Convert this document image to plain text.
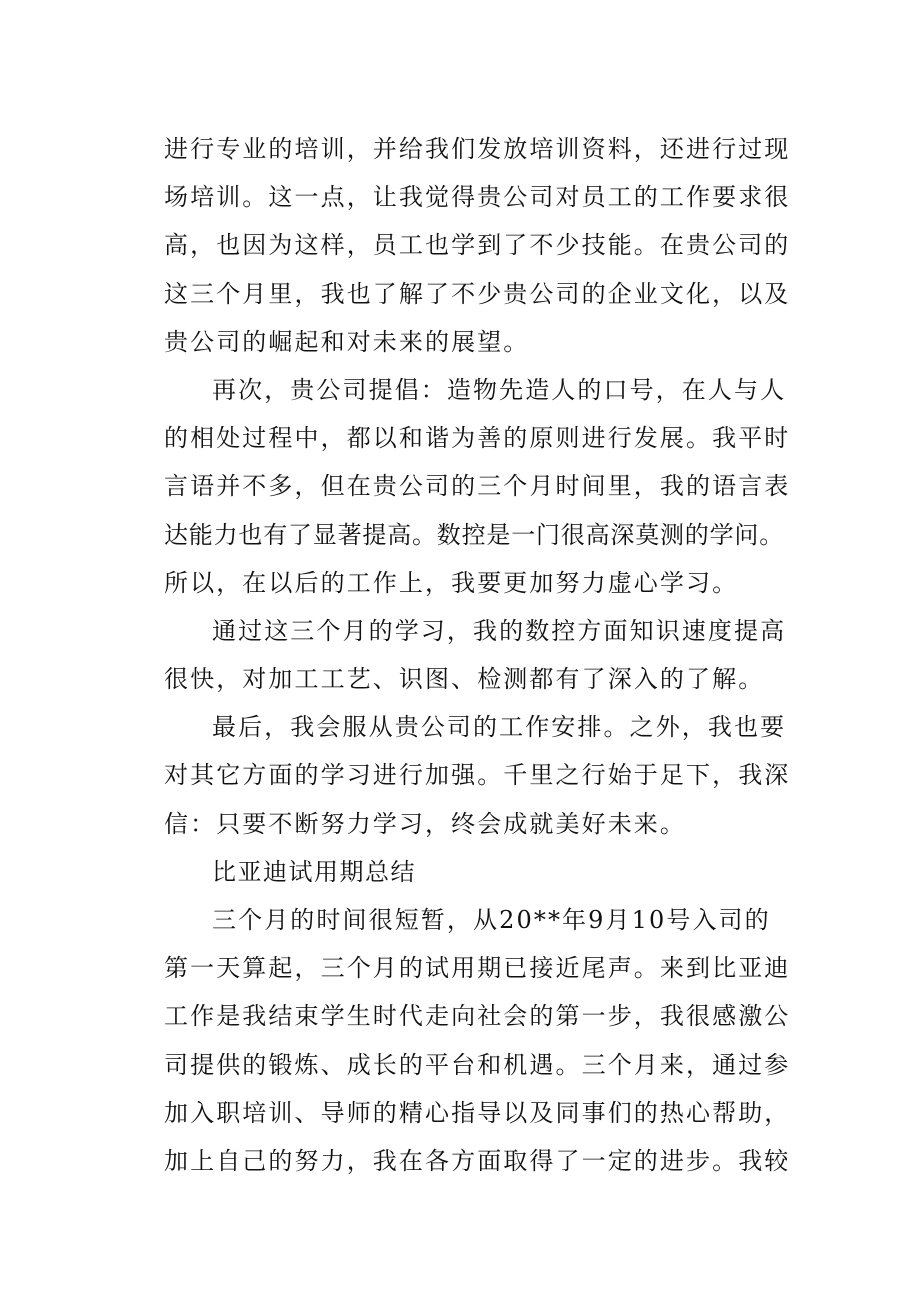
进行专业的培训，并给我们发放培训资料，还进行过现
场培训。这一点，让我觉得贵公司对员工的工作要求很
高，也因为这样，员工也学到了不少技能。在贵公司的
这三个月里，我也了解了不少贵公司的企业文化，以及
贵公司的崛起和对未来的展望。
再次，贵公司提倡：造物先造人的口号，在人与人
的相处过程中，都以和谐为善的原则进行发展。我平时
言语并不多，但在贵公司的三个月时间里，我的语言表
达能力也有了显著提高。数控是一门很高深莫测的学问。
所以，在以后的工作上，我要更加努力虚心学习。
通过这三个月的学习，我的数控方面知识速度提高
很快，对加工工艺、识图、检测都有了深入的了解。
最后，我会服从贵公司的工作安排。之外，我也要
对其它方面的学习进行加强。千里之行始于足下，我深
信：只要不断努力学习，终会成就美好未来。
比亚迪试用期总结
三个月的时间很短暂，从20**年9月10号入司的
第一天算起，三个月的试用期已接近尾声。来到比亚迪
工作是我结束学生时代走向社会的第一步，我很感激公
司提供的锻炼、成长的平台和机遇。三个月来，通过参
加入职培训、导师的精心指导以及同事们的热心帮助，
加上自己的努力，我在各方面取得了一定的进步。我较
